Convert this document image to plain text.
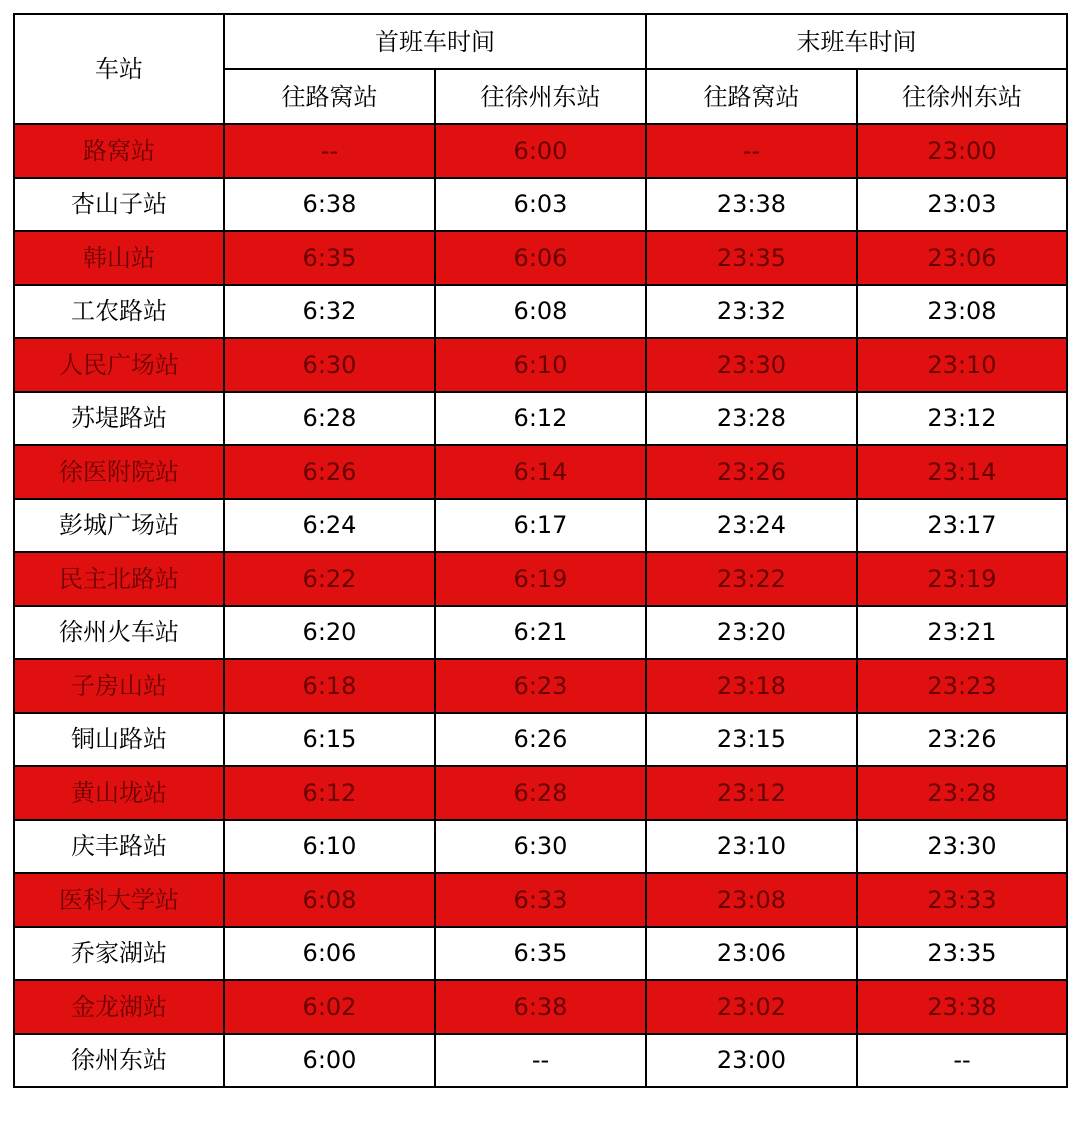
车站	首班车时间		末班车时间	
	往路窝站	往徐州东站	往路窝站	往徐州东站
路窝站	--	6:00	--	23:00
杏山子站	6:38	6:03	23:38	23:03
韩山站	6:35	6:06	23:35	23:06
工农路站	6:32	6:08	23:32	23:08
人民广场站	6:30	6:10	23:30	23:10
苏堤路站	6:28	6:12	23:28	23:12
徐医附院站	6:26	6:14	23:26	23:14
彭城广场站	6:24	6:17	23:24	23:17
民主北路站	6:22	6:19	23:22	23:19
徐州火车站	6:20	6:21	23:20	23:21
子房山站	6:18	6:23	23:18	23:23
铜山路站	6:15	6:26	23:15	23:26
黄山垅站	6:12	6:28	23:12	23:28
庆丰路站	6:10	6:30	23:10	23:30
医科大学站	6:08	6:33	23:08	23:33
乔家湖站	6:06	6:35	23:06	23:35
金龙湖站	6:02	6:38	23:02	23:38
徐州东站	6:00	--	23:00	--
